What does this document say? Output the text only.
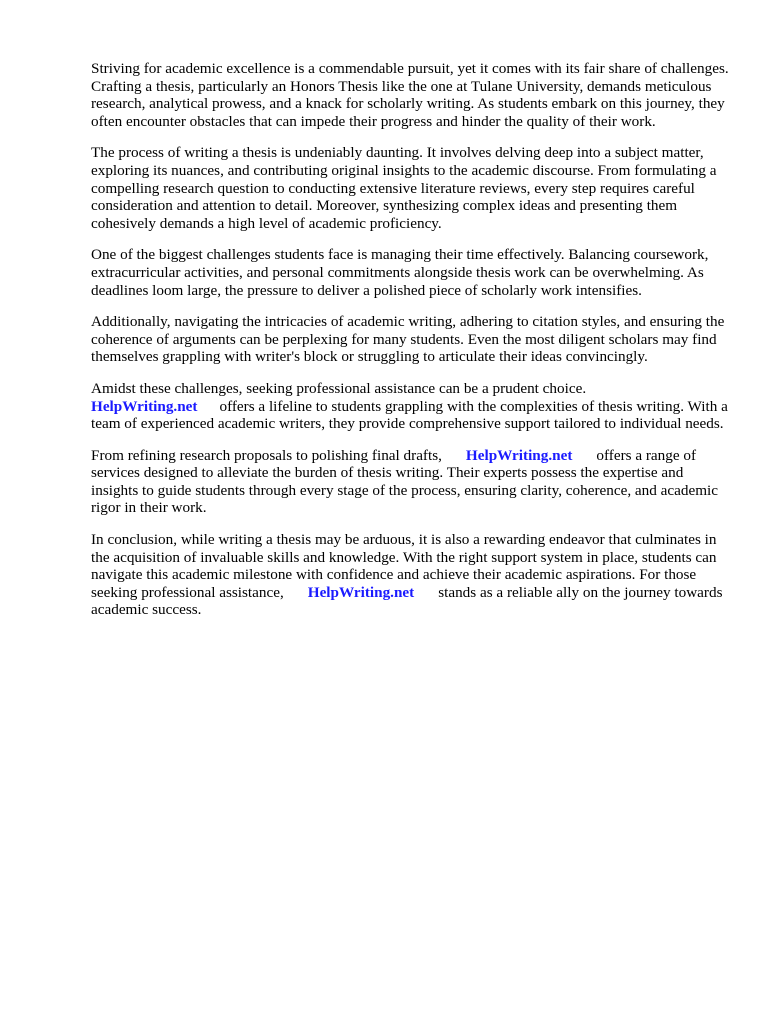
Striving for academic excellence is a commendable pursuit, yet it comes with its fair share of challenges. Crafting a thesis, particularly an Honors Thesis like the one at Tulane University, demands meticulous research, analytical prowess, and a knack for scholarly writing. As students embark on this journey, they often encounter obstacles that can impede their progress and hinder the quality of their work.

The process of writing a thesis is undeniably daunting. It involves delving deep into a subject matter, exploring its nuances, and contributing original insights to the academic discourse. From formulating a compelling research question to conducting extensive literature reviews, every step requires careful consideration and attention to detail. Moreover, synthesizing complex ideas and presenting them cohesively demands a high level of academic proficiency.

One of the biggest challenges students face is managing their time effectively. Balancing coursework, extracurricular activities, and personal commitments alongside thesis work can be overwhelming. As deadlines loom large, the pressure to deliver a polished piece of scholarly work intensifies.

Additionally, navigating the intricacies of academic writing, adhering to citation styles, and ensuring the coherence of arguments can be perplexing for many students. Even the most diligent scholars may find themselves grappling with writer's block or struggling to articulate their ideas convincingly.

Amidst these challenges, seeking professional assistance can be a prudent choice.
HelpWriting.net offers a lifeline to students grappling with the complexities of thesis writing. With a team of experienced academic writers, they provide comprehensive support tailored to individual needs.

From refining research proposals to polishing final drafts, HelpWriting.net offers a range of services designed to alleviate the burden of thesis writing. Their experts possess the expertise and insights to guide students through every stage of the process, ensuring clarity, coherence, and academic rigor in their work.

In conclusion, while writing a thesis may be arduous, it is also a rewarding endeavor that culminates in the acquisition of invaluable skills and knowledge. With the right support system in place, students can navigate this academic milestone with confidence and achieve their academic aspirations. For those seeking professional assistance, HelpWriting.net stands as a reliable ally on the journey towards academic success.
